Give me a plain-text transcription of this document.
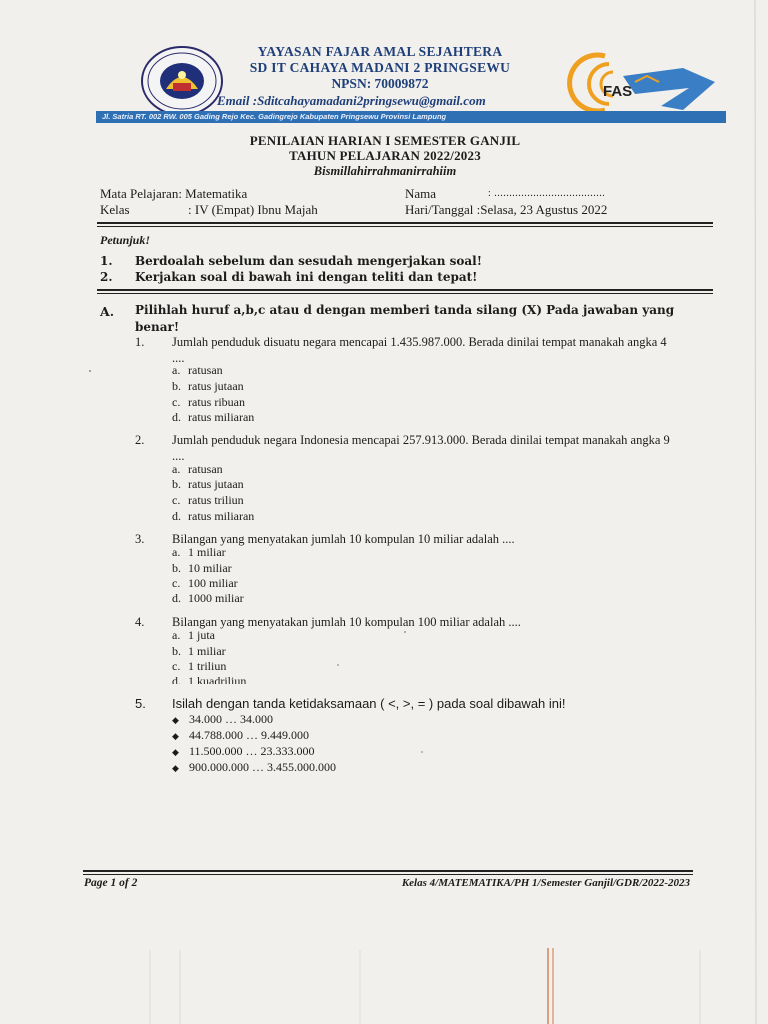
YAYASAN FAJAR AMAL SEJAHTERA
SD IT CAHAYA MADANI 2 PRINGSEWU
NPSN: 70009872
Email :Sditcahayamadani2pringsewu@gmail.com
FAS
Jl. Satria RT. 002 RW. 005 Gading Rejo Kec. Gadingrejo Kabupaten Pringsewu Provinsi Lampung
PENILAIAN HARIAN I SEMESTER GANJIL
TAHUN PELAJARAN 2022/2023
Bismillahirrahmanirrahiim
Mata Pelajaran: Matematika
Kelas	: IV (Empat) Ibnu Majah
Nama	: .....................................
Hari/Tanggal :Selasa, 23 Agustus 2022
Petunjuk!
1. Berdoalah sebelum dan sesudah mengerjakan soal!
2. Kerjakan soal di bawah ini dengan teliti dan tepat!
A. Pilihlah huruf a,b,c atau d dengan memberi tanda silang (X) Pada jawaban yang benar!
1.	Jumlah penduduk disuatu negara mencapai 1.435.987.000. Berada dinilai tempat manakah angka 4 ....
a. ratusan
b. ratus jutaan
c. ratus ribuan
d. ratus miliaran
2.	Jumlah penduduk negara Indonesia mencapai 257.913.000. Berada dinilai tempat manakah angka 9 ....
a. ratusan
b. ratus jutaan
c. ratus triliun
d. ratus miliaran
3.	Bilangan yang menyatakan jumlah 10 kompulan 10 miliar adalah ....
a. 1 miliar
b. 10 miliar
c. 100 miliar
d. 1000 miliar
4.	Bilangan yang menyatakan jumlah 10 kompulan 100 miliar adalah ....
a. 1 juta
b. 1 miliar
c. 1 triliun
d. 1 kuadriliun
5.	Isilah dengan tanda ketidaksamaan ( <, >, = ) pada soal dibawah ini!
◆ 34.000 … 34.000
◆ 44.788.000 … 9.449.000
◆ 11.500.000 … 23.333.000
◆ 900.000.000 … 3.455.000.000
Page 1 of 2	Kelas 4/MATEMATIKA/PH 1/Semester Ganjil/GDR/2022-2023
